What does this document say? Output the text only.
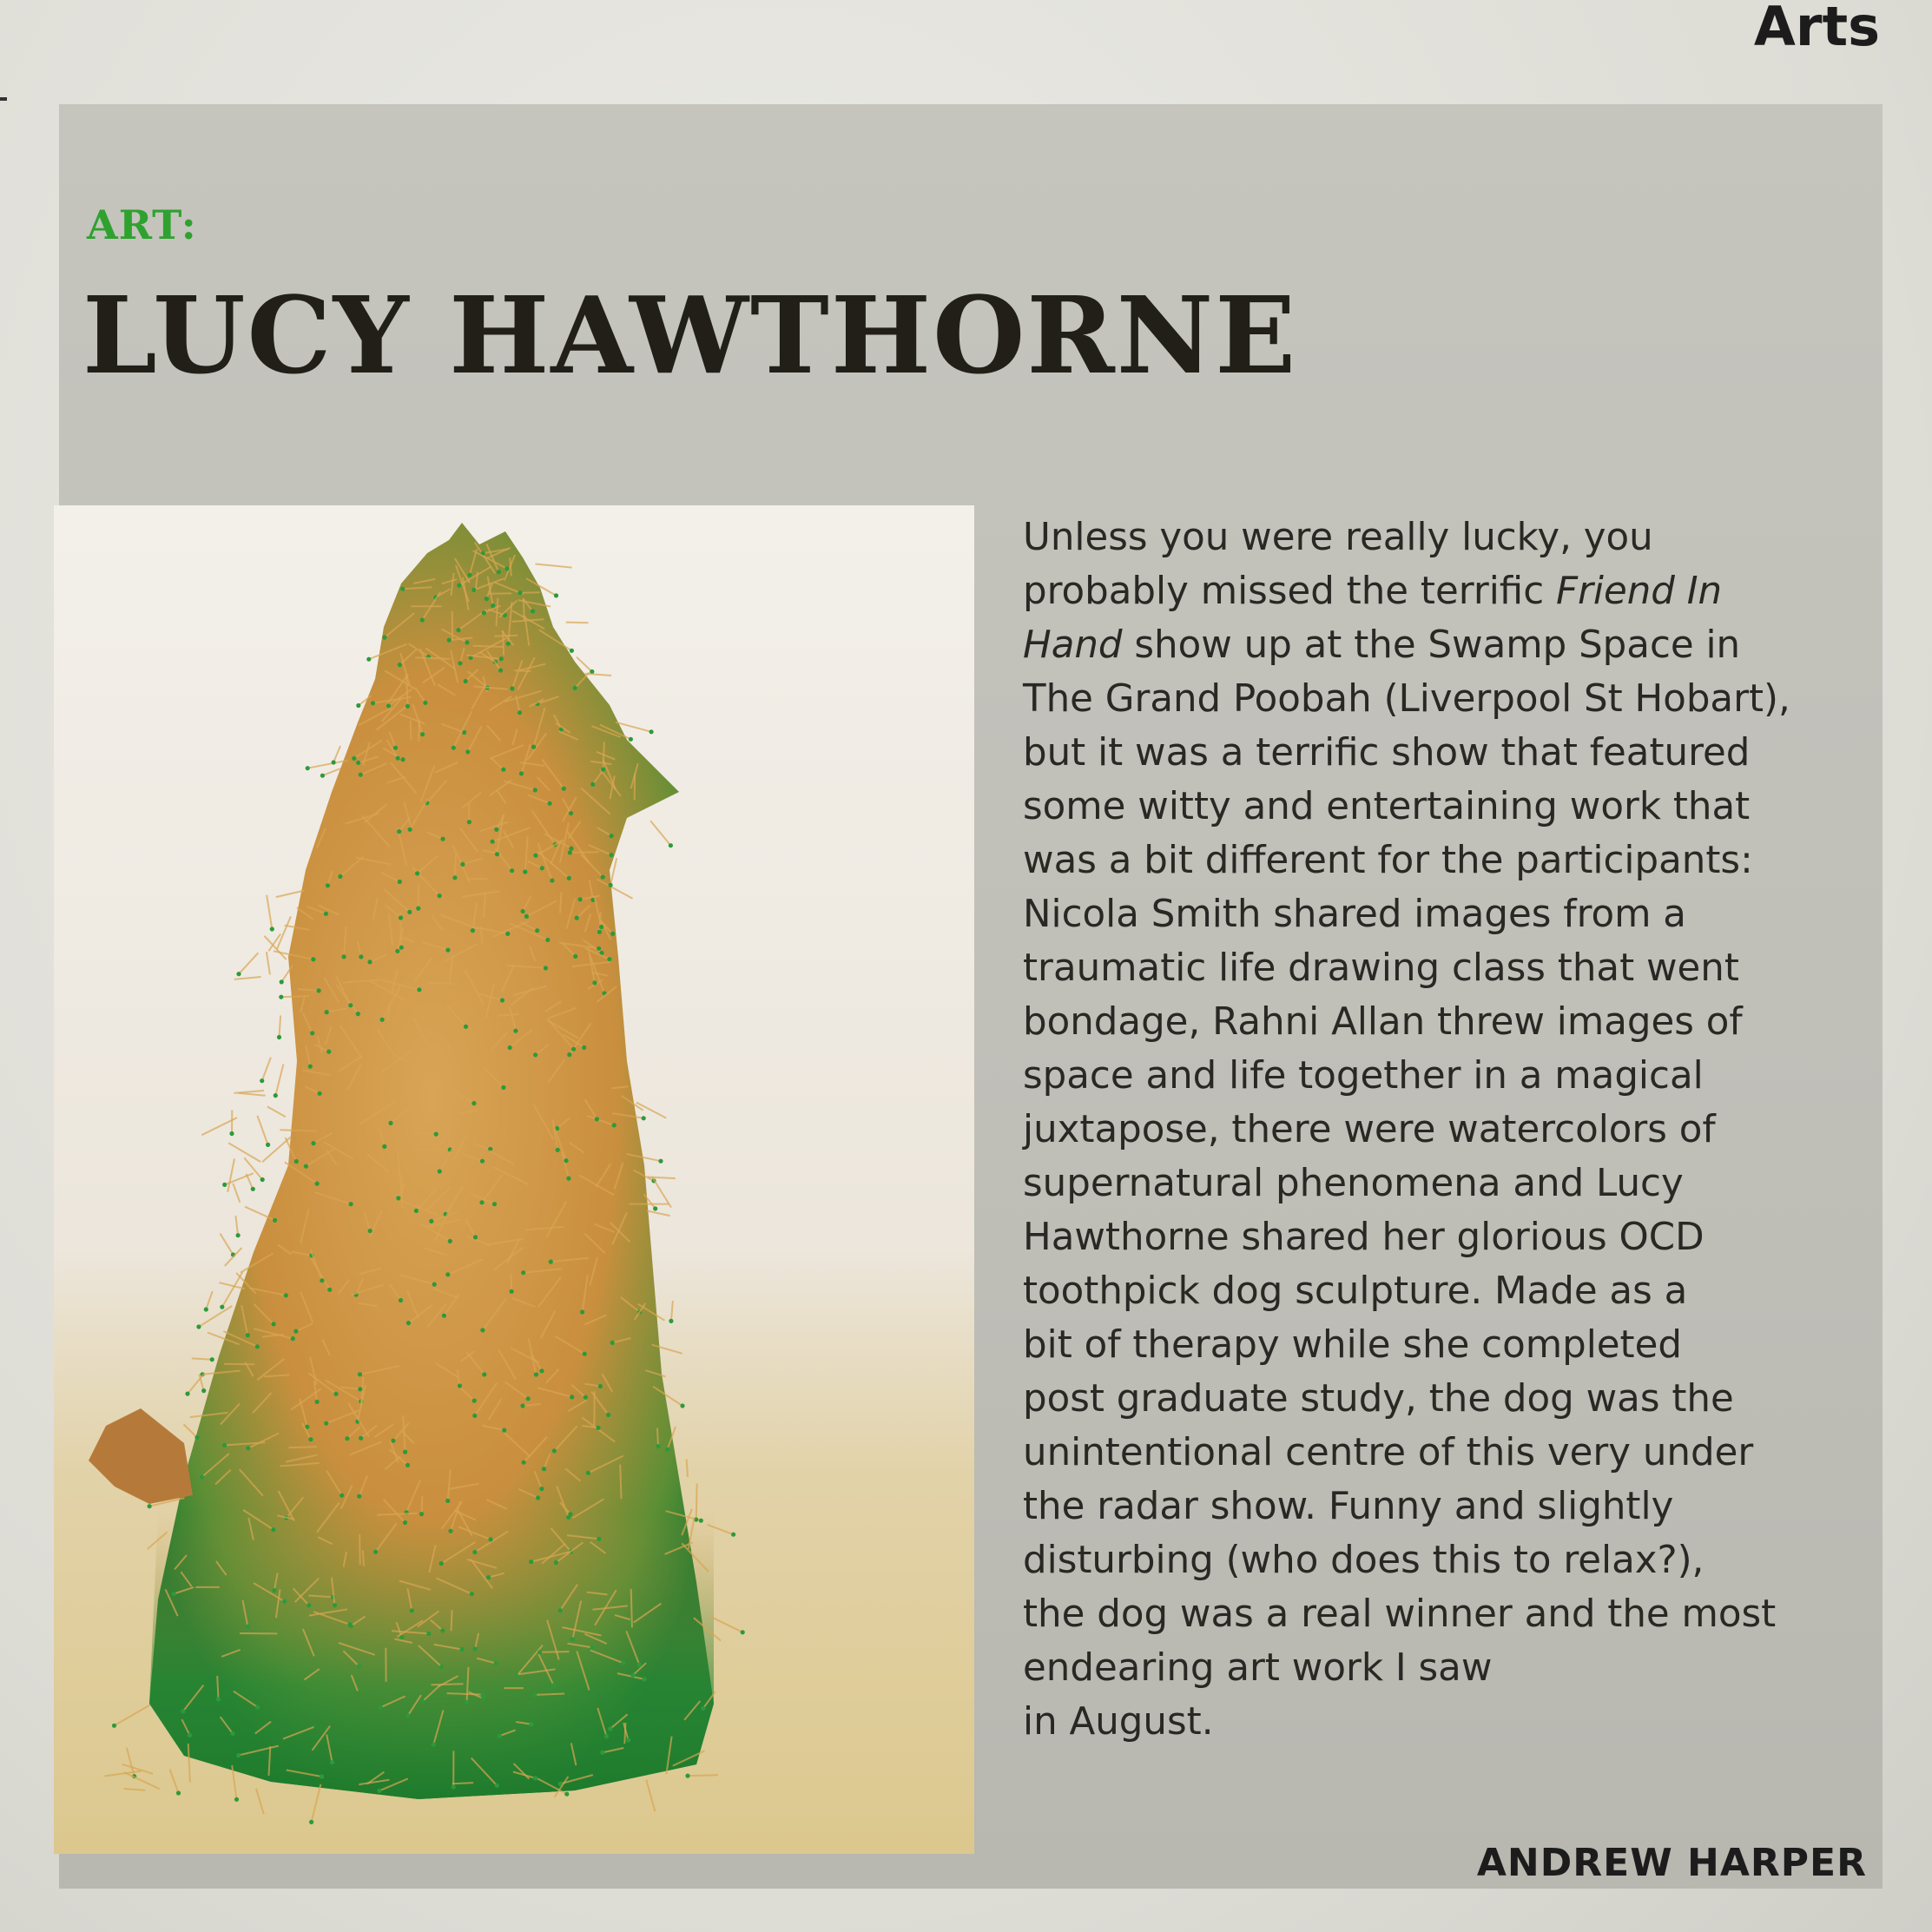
Arts
ART:
LUCY HAWTHORNE
Unless you were really lucky, you
probably missed the terrific Friend In
Hand show up at the Swamp Space in
The Grand Poobah (Liverpool St Hobart),
but it was a terrific show that featured
some witty and entertaining work that
was a bit different for the participants:
Nicola Smith shared images from a
traumatic life drawing class that went
bondage, Rahni Allan threw images of
space and life together in a magical
juxtapose, there were watercolors of
supernatural phenomena and Lucy
Hawthorne shared her glorious OCD
toothpick dog sculpture. Made as a
bit of therapy while she completed
post graduate study, the dog was the
unintentional centre of this very under
the radar show. Funny and slightly
disturbing (who does this to relax?),
the dog was a real winner and the most
endearing art work I saw
in August.
ANDREW HARPER
